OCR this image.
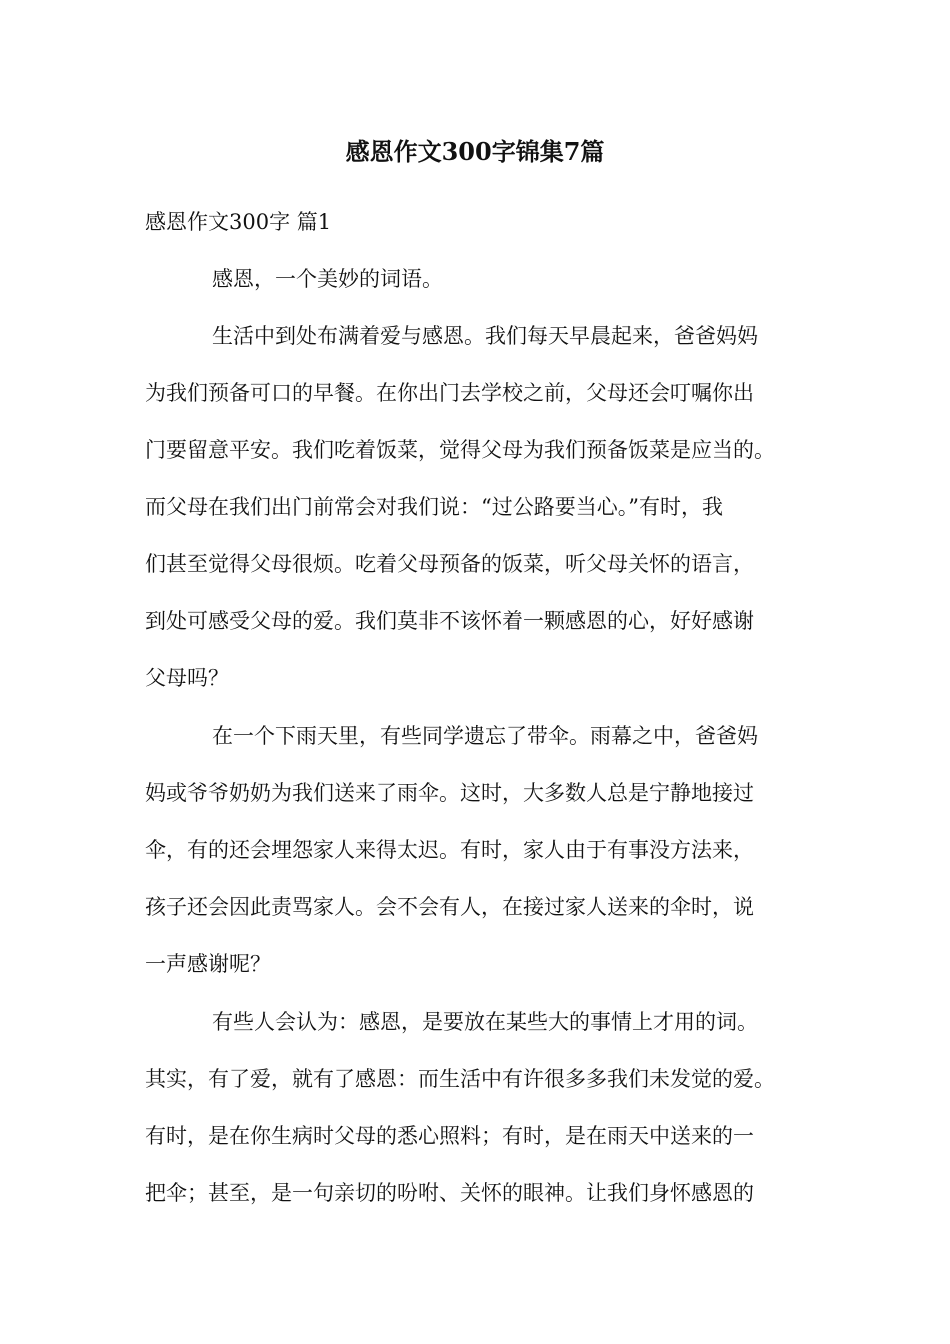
感恩作文300字锦集7篇

感恩作文300字 篇1

感恩，一个美妙的词语。

生活中到处布满着爱与感恩。我们每天早晨起来，爸爸妈妈

为我们预备可口的早餐。在你出门去学校之前，父母还会叮嘱你出

门要留意平安。我们吃着饭菜，觉得父母为我们预备饭菜是应当的。

而父母在我们出门前常会对我们说：“过公路要当心。”有时，我

们甚至觉得父母很烦。吃着父母预备的饭菜，听父母关怀的语言，

到处可感受父母的爱。我们莫非不该怀着一颗感恩的心，好好感谢

父母吗？

在一个下雨天里，有些同学遗忘了带伞。雨幕之中，爸爸妈

妈或爷爷奶奶为我们送来了雨伞。这时，大多数人总是宁静地接过

伞，有的还会埋怨家人来得太迟。有时，家人由于有事没方法来，

孩子还会因此责骂家人。会不会有人，在接过家人送来的伞时，说

一声感谢呢？

有些人会认为：感恩，是要放在某些大的事情上才用的词。

其实，有了爱，就有了感恩：而生活中有许很多多我们未发觉的爱。

有时，是在你生病时父母的悉心照料；有时，是在雨天中送来的一

把伞；甚至，是一句亲切的吩咐、关怀的眼神。让我们身怀感恩的
